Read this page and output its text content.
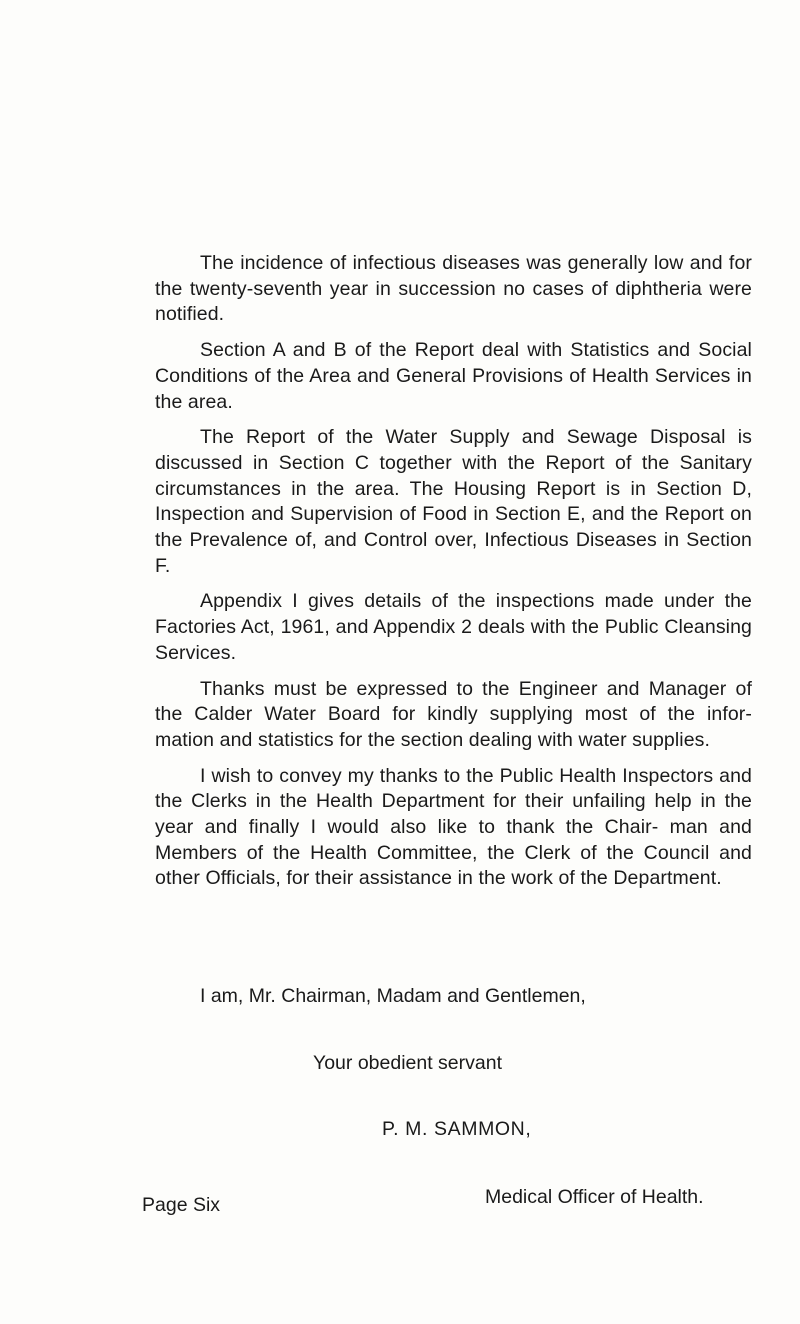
The incidence of infectious diseases was generally low and for the twenty-seventh year in succession no cases of diphtheria were notified.

Section A and B of the Report deal with Statistics and Social Conditions of the Area and General Provisions of Health Services in the area.

The Report of the Water Supply and Sewage Disposal is discussed in Section C together with the Report of the Sanitary circumstances in the area. The Housing Report is in Section D, Inspection and Supervision of Food in Section E, and the Report on the Prevalence of, and Control over, Infectious Diseases in Section F.

Appendix I gives details of the inspections made under the Factories Act, 1961, and Appendix 2 deals with the Public Cleansing Services.

Thanks must be expressed to the Engineer and Manager of the Calder Water Board for kindly supplying most of the infor- mation and statistics for the section dealing with water supplies.

I wish to convey my thanks to the Public Health Inspectors and the Clerks in the Health Department for their unfailing help in the year and finally I would also like to thank the Chair- man and Members of the Health Committee, the Clerk of the Council and other Officials, for their assistance in the work of the Department.

I am, Mr. Chairman, Madam and Gentlemen,
Your obedient servant
P. M. SAMMON,
Medical Officer of Health.
Page Six
